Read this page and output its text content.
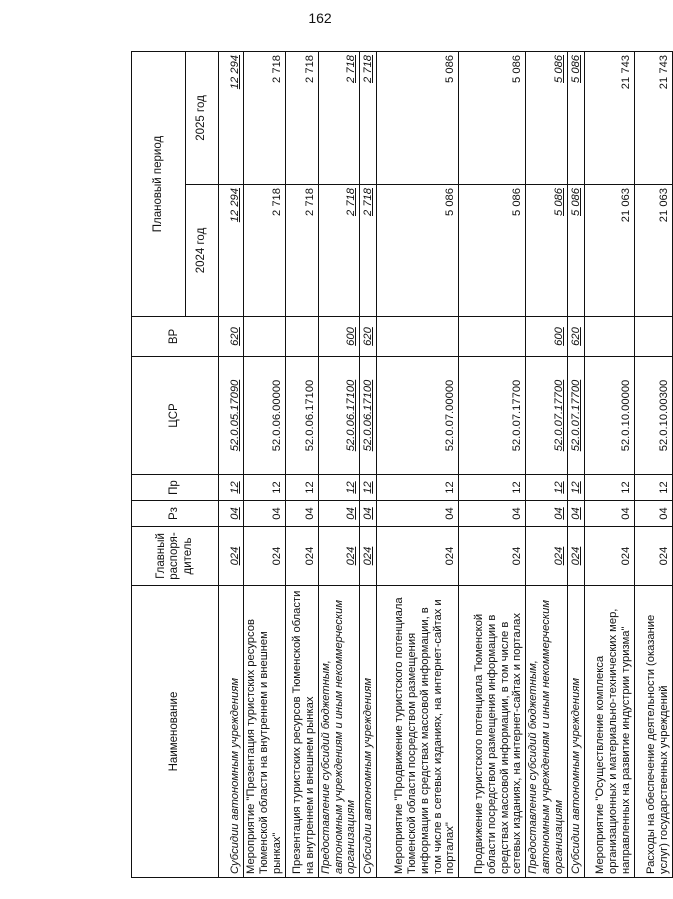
162
Наименование	Главный распоря-дитель	Рз	Пр	ЦСР	ВР	Плановый период	
						2024 год	2025 год
Субсидии автономным учреждениям	024	04	12	52.0.05.17090	620	12 294	12 294
Мероприятие "Презентация туристских ресурсов Тюменской области на внутреннем и внешнем рынках"	024	04	12	52.0.06.00000		2 718	2 718
Презентация туристских ресурсов Тюменской области на внутреннем и внешнем рынках	024	04	12	52.0.06.17100		2 718	2 718
Предоставление субсидий бюджетным, автономным учреждениям и иным некоммерческим организациям	024	04	12	52.0.06.17100	600	2 718	2 718
Субсидии автономным учреждениям	024	04	12	52.0.06.17100	620	2 718	2 718
Мероприятие "Продвижение туристского потенциала Тюменской области посредством размещения информации в средствах массовой информации, в том числе в сетевых изданиях, на интернет-сайтах и порталах"	024	04	12	52.0.07.00000		5 086	5 086
Продвижение туристского потенциала Тюменской области посредством размещения информации в средствах массовой информации, в том числе в сетевых изданиях, на интернет-сайтах и порталах	024	04	12	52.0.07.17700		5 086	5 086
Предоставление субсидий бюджетным, автономным учреждениям и иным некоммерческим организациям	024	04	12	52.0.07.17700	600	5 086	5 086
Субсидии автономным учреждениям	024	04	12	52.0.07.17700	620	5 086	5 086
Мероприятие "Осуществление комплекса организационных и материально-технических мер, направленных на развитие индустрии туризма"	024	04	12	52.0.10.00000		21 063	21 743
Расходы на обеспечение деятельности (оказание услуг) государственных учреждений	024	04	12	52.0.10.00300		21 063	21 743
